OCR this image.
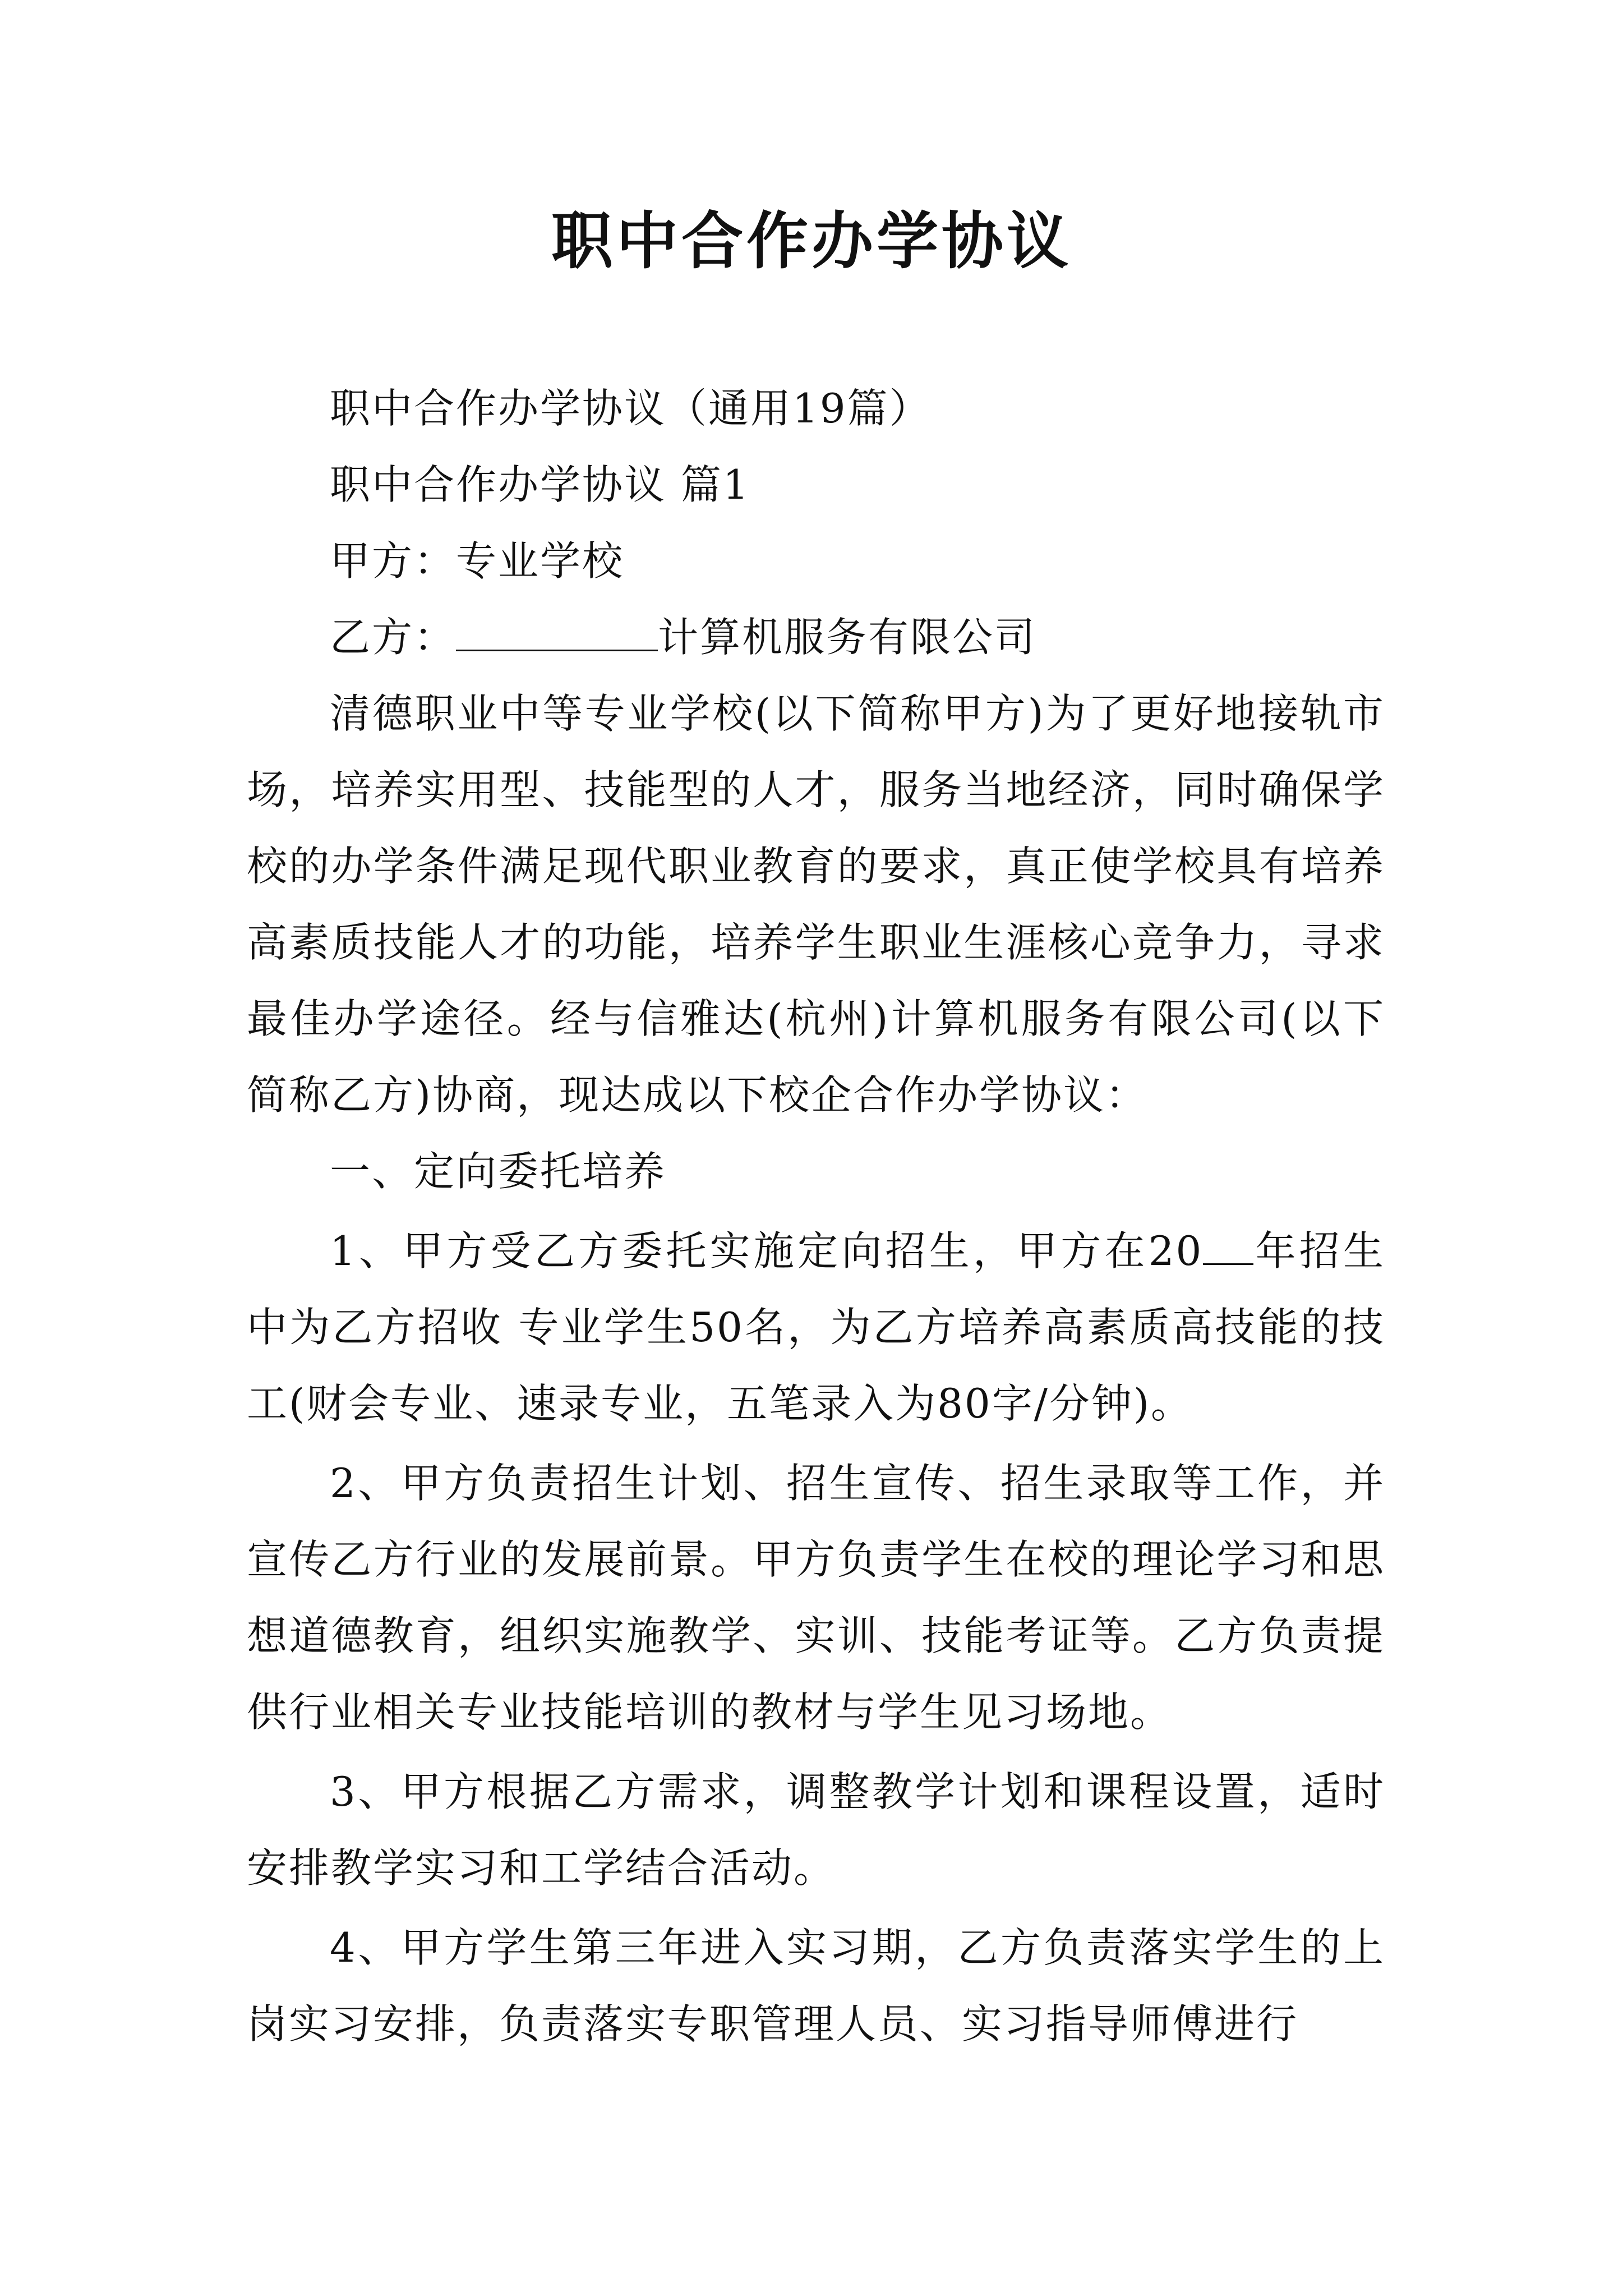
职中合作办学协议

职中合作办学协议（通用19篇）

职中合作办学协议 篇1

甲方：专业学校

乙方：	计算机服务有限公司

清德职业中等专业学校(以下简称甲方)为了更好地接轨市场，培养实用型、技能型的人才，服务当地经济，同时确保学校的办学条件满足现代职业教育的要求，真正使学校具有培养高素质技能人才的功能，培养学生职业生涯核心竞争力，寻求最佳办学途径。经与信雅达(杭州)计算机服务有限公司(以下简称乙方)协商，现达成以下校企合作办学协议：

一、定向委托培养

1、甲方受乙方委托实施定向招生，甲方在20 年招生中为乙方招收 专业学生50名，为乙方培养高素质高技能的技工(财会专业、速录专业，五笔录入为80字/分钟)。

2、甲方负责招生计划、招生宣传、招生录取等工作，并宣传乙方行业的发展前景。甲方负责学生在校的理论学习和思想道德教育，组织实施教学、实训、技能考证等。乙方负责提供行业相关专业技能培训的教材与学生见习场地。

3、甲方根据乙方需求，调整教学计划和课程设置，适时安排教学实习和工学结合活动。

4、甲方学生第三年进入实习期，乙方负责落实学生的上岗实习安排，负责落实专职管理人员、实习指导师傅进行
